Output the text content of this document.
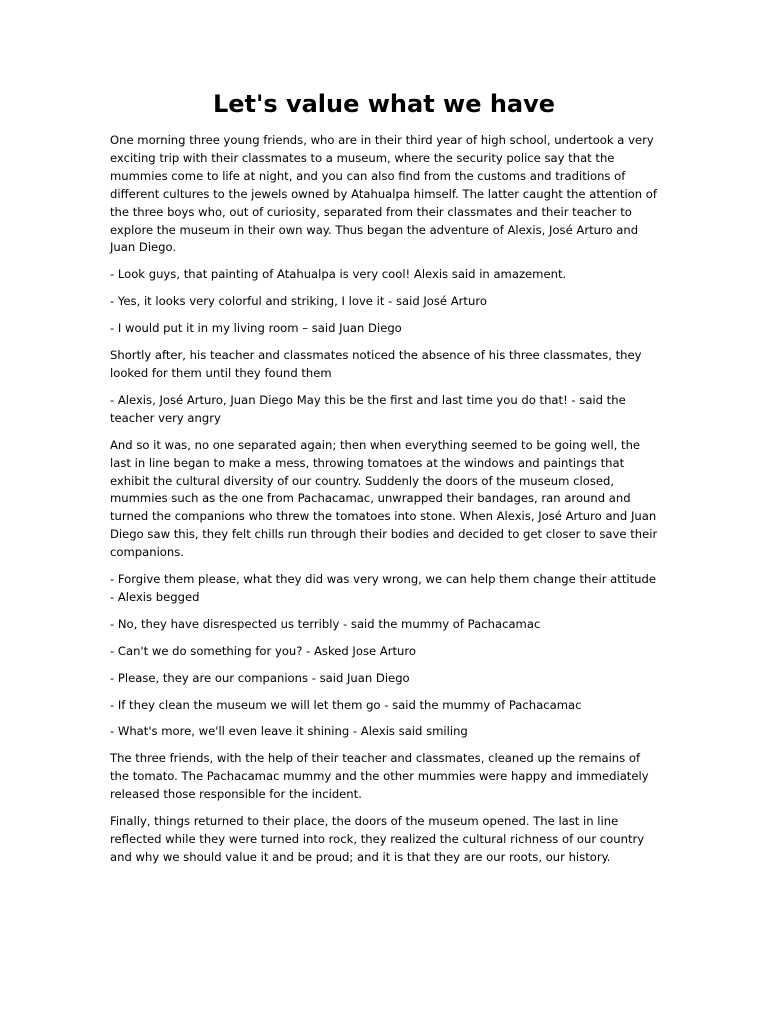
Let's value what we have

One morning three young friends, who are in their third year of high school, undertook a very exciting trip with their classmates to a museum, where the security police say that the mummies come to life at night, and you can also find from the customs and traditions of different cultures to the jewels owned by Atahualpa himself. The latter caught the attention of the three boys who, out of curiosity, separated from their classmates and their teacher to explore the museum in their own way. Thus began the adventure of Alexis, José Arturo and Juan Diego.

- Look guys, that painting of Atahualpa is very cool! Alexis said in amazement.

- Yes, it looks very colorful and striking, I love it - said José Arturo

- I would put it in my living room – said Juan Diego

Shortly after, his teacher and classmates noticed the absence of his three classmates, they looked for them until they found them

- Alexis, José Arturo, Juan Diego May this be the first and last time you do that! - said the teacher very angry

And so it was, no one separated again; then when everything seemed to be going well, the last in line began to make a mess, throwing tomatoes at the windows and paintings that exhibit the cultural diversity of our country. Suddenly the doors of the museum closed, mummies such as the one from Pachacamac, unwrapped their bandages, ran around and turned the companions who threw the tomatoes into stone. When Alexis, José Arturo and Juan Diego saw this, they felt chills run through their bodies and decided to get closer to save their companions.

- Forgive them please, what they did was very wrong, we can help them change their attitude - Alexis begged

- No, they have disrespected us terribly - said the mummy of Pachacamac

- Can't we do something for you? - Asked Jose Arturo

- Please, they are our companions - said Juan Diego

- If they clean the museum we will let them go - said the mummy of Pachacamac

- What's more, we'll even leave it shining - Alexis said smiling

The three friends, with the help of their teacher and classmates, cleaned up the remains of the tomato. The Pachacamac mummy and the other mummies were happy and immediately released those responsible for the incident.

Finally, things returned to their place, the doors of the museum opened. The last in line reflected while they were turned into rock, they realized the cultural richness of our country and why we should value it and be proud; and it is that they are our roots, our history.
